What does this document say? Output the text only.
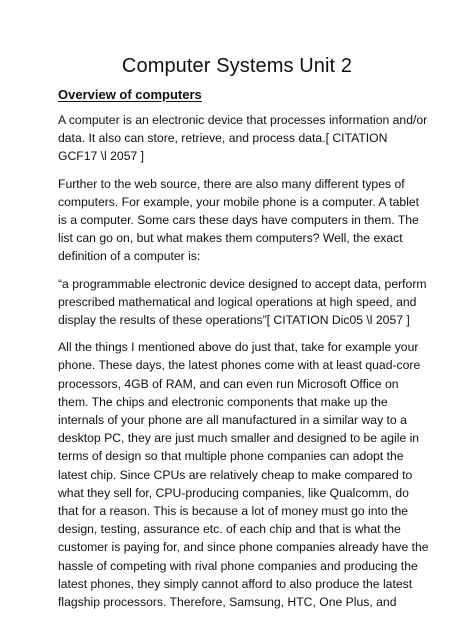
Computer Systems Unit 2
Overview of computers

A computer is an electronic device that processes information and/or data. It also can store, retrieve, and process data.[ CITATION GCF17 \l 2057 ]

Further to the web source, there are also many different types of computers. For example, your mobile phone is a computer. A tablet is a computer. Some cars these days have computers in them. The list can go on, but what makes them computers? Well, the exact definition of a computer is:

“a programmable electronic device designed to accept data, perform prescribed mathematical and logical operations at high speed, and display the results of these operations”[ CITATION Dic05 \l 2057 ]

All the things I mentioned above do just that, take for example your phone. These days, the latest phones come with at least quad-core processors, 4GB of RAM, and can even run Microsoft Office on them. The chips and electronic components that make up the internals of your phone are all manufactured in a similar way to a desktop PC, they are just much smaller and designed to be agile in terms of design so that multiple phone companies can adopt the latest chip. Since CPUs are relatively cheap to make compared to what they sell for, CPU-producing companies, like Qualcomm, do that for a reason. This is because a lot of money must go into the design, testing, assurance etc. of each chip and that is what the customer is paying for, and since phone companies already have the hassle of competing with rival phone companies and producing the latest phones, they simply cannot afford to also produce the latest flagship processors. Therefore, Samsung, HTC, One Plus, and
